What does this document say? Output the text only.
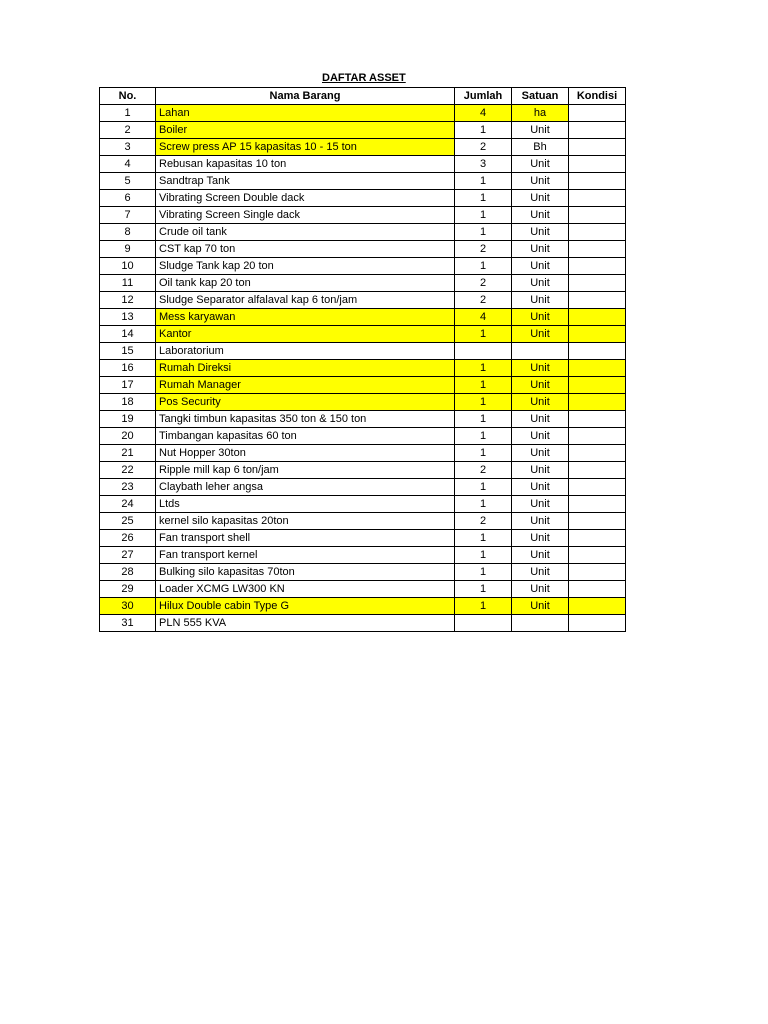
DAFTAR ASSET
No.	Nama Barang	Jumlah	Satuan	Kondisi
1	Lahan	4	ha	
2	Boiler	1	Unit	
3	Screw press AP 15 kapasitas 10 - 15 ton	2	Bh	
4	Rebusan kapasitas 10 ton	3	Unit	
5	Sandtrap Tank	1	Unit	
6	Vibrating Screen Double dack	1	Unit	
7	Vibrating Screen Single dack	1	Unit	
8	Crude oil tank	1	Unit	
9	CST kap 70 ton	2	Unit	
10	Sludge Tank kap 20 ton	1	Unit	
11	Oil tank kap 20 ton	2	Unit	
12	Sludge Separator alfalaval kap 6 ton/jam	2	Unit	
13	Mess karyawan	4	Unit	
14	Kantor	1	Unit	
15	Laboratorium			
16	Rumah Direksi	1	Unit	
17	Rumah Manager	1	Unit	
18	Pos Security	1	Unit	
19	Tangki timbun kapasitas 350 ton & 150 ton	1	Unit	
20	Timbangan kapasitas 60 ton	1	Unit	
21	Nut Hopper 30ton	1	Unit	
22	Ripple mill kap 6 ton/jam	2	Unit	
23	Claybath leher angsa	1	Unit	
24	Ltds	1	Unit	
25	kernel silo kapasitas 20ton	2	Unit	
26	Fan transport shell	1	Unit	
27	Fan transport kernel	1	Unit	
28	Bulking silo kapasitas 70ton	1	Unit	
29	Loader XCMG LW300 KN	1	Unit	
30	Hilux Double cabin Type G	1	Unit	
31	PLN 555 KVA			
